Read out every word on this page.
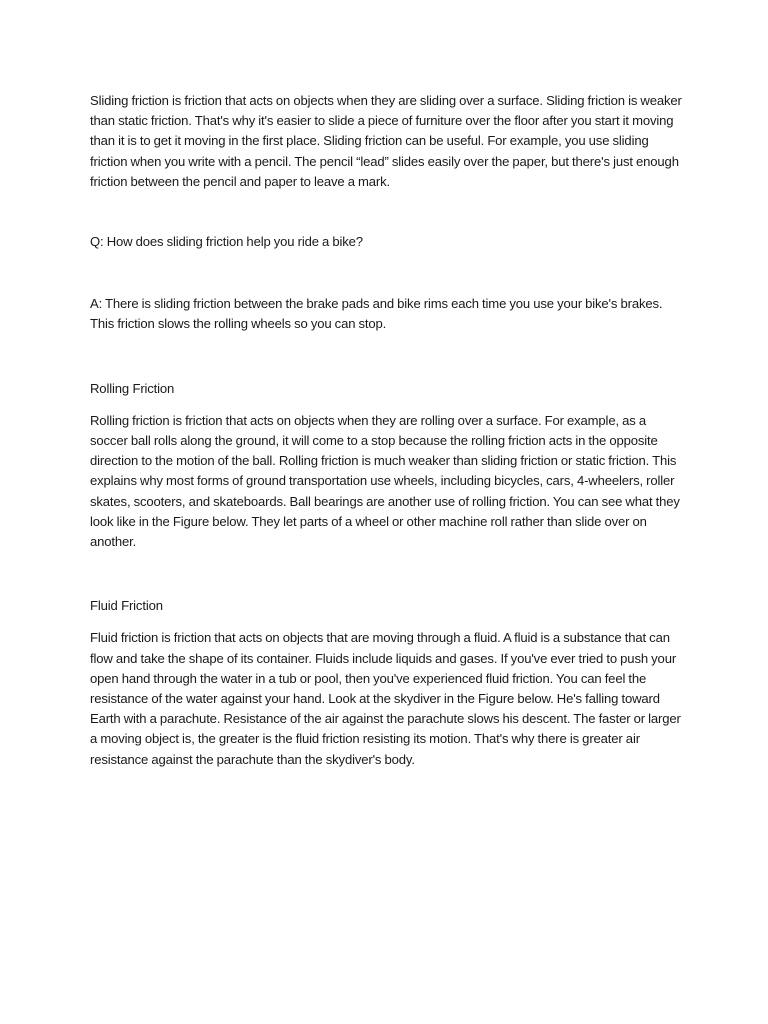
Sliding friction is friction that acts on objects when they are sliding over a surface. Sliding friction is weaker than static friction. That's why it's easier to slide a piece of furniture over the floor after you start it moving than it is to get it moving in the first place. Sliding friction can be useful. For example, you use sliding friction when you write with a pencil. The pencil “lead” slides easily over the paper, but there's just enough friction between the pencil and paper to leave a mark.

Q: How does sliding friction help you ride a bike?

A: There is sliding friction between the brake pads and bike rims each time you use your bike's brakes. This friction slows the rolling wheels so you can stop.

Rolling Friction

Rolling friction is friction that acts on objects when they are rolling over a surface. For example, as a soccer ball rolls along the ground, it will come to a stop because the rolling friction acts in the opposite direction to the motion of the ball. Rolling friction is much weaker than sliding friction or static friction. This explains why most forms of ground transportation use wheels, including bicycles, cars, 4-wheelers, roller skates, scooters, and skateboards. Ball bearings are another use of rolling friction. You can see what they look like in the Figure below. They let parts of a wheel or other machine roll rather than slide over on another.

Fluid Friction

Fluid friction is friction that acts on objects that are moving through a fluid. A fluid is a substance that can flow and take the shape of its container. Fluids include liquids and gases. If you've ever tried to push your open hand through the water in a tub or pool, then you've experienced fluid friction. You can feel the resistance of the water against your hand. Look at the skydiver in the Figure below. He's falling toward Earth with a parachute. Resistance of the air against the parachute slows his descent. The faster or larger a moving object is, the greater is the fluid friction resisting its motion. That's why there is greater air resistance against the parachute than the skydiver's body.
